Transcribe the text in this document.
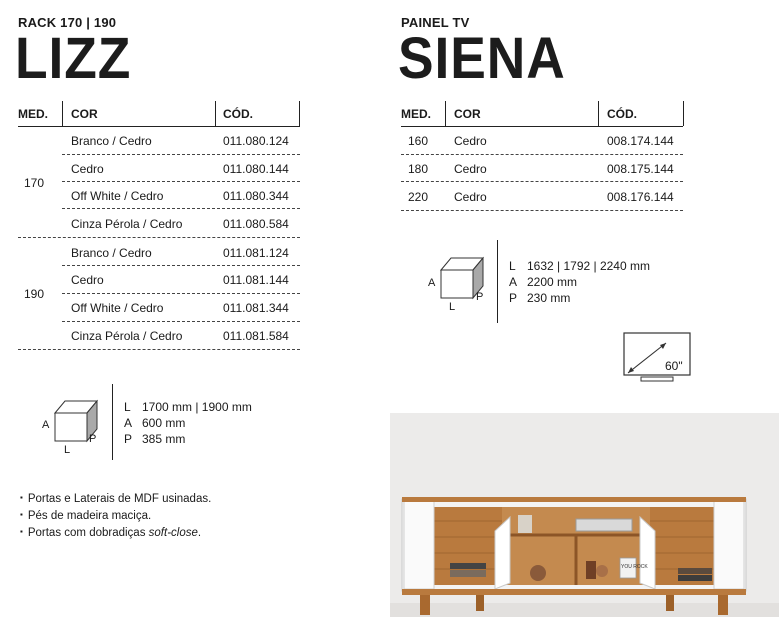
RACK 170 | 190
LIZZ
MED. COR	CÓD.
170
Branco / Cedro	011.080.124
Cedro	011.080.144
Off White / Cedro	011.080.344
Cinza Pérola / Cedro	011.080.584
190
Branco / Cedro	011.081.124
Cedro	011.081.144
Off White / Cedro	011.081.344
Cinza Pérola / Cedro	011.081.584
A
L
P
L 1700 mm | 1900 mm
A 600 mm
P 385 mm
▪ Portas e Laterais de MDF usinadas.
▪ Pés de madeira maciça.
▪ Portas com dobradiças soft-close.
PAINEL TV
SIENA
MED. COR	CÓD.
160 Cedro	008.174.144
180 Cedro	008.175.144
220 Cedro	008.176.144
A
L
P
L 1632 | 1792 | 2240 mm
A 2200 mm
P 230 mm
60"
YOU ROCK
